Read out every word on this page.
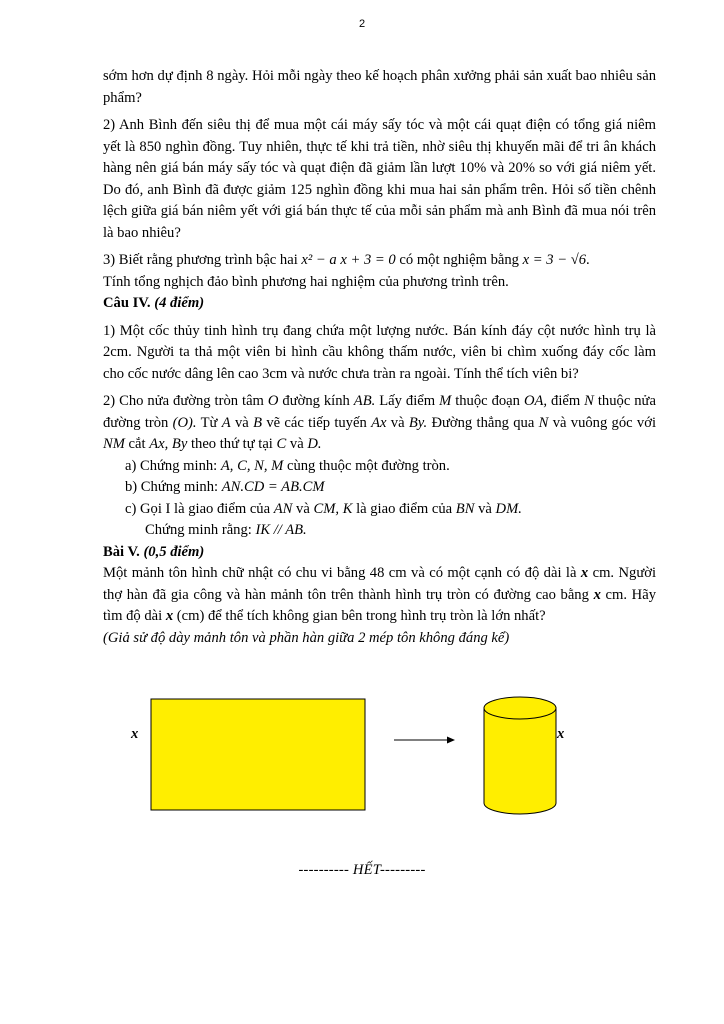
2

sớm hơn dự định 8 ngày. Hỏi mỗi ngày theo kế hoạch phân xưởng phải sản xuất bao nhiêu sản phẩm?

2) Anh Bình đến siêu thị để mua một cái máy sấy tóc và một cái quạt điện có tổng giá niêm yết là 850 nghìn đồng. Tuy nhiên, thực tế khi trả tiền, nhờ siêu thị khuyến mãi để tri ân khách hàng nên giá bán máy sấy tóc và quạt điện đã giảm lần lượt 10% và 20% so với giá niêm yết. Do đó, anh Bình đã được giảm 125 nghìn đồng khi mua hai sản phẩm trên. Hỏi số tiền chênh lệch giữa giá bán niêm yết với giá bán thực tế của mỗi sản phẩm mà anh Bình đã mua nói trên là bao nhiêu?

3) Biết rằng phương trình bậc hai x² − a x + 3 = 0 có một nghiệm bằng x = 3 − √6.

Tính tổng nghịch đảo bình phương hai nghiệm của phương trình trên.

Câu IV. (4 điểm)

1) Một cốc thủy tinh hình trụ đang chứa một lượng nước. Bán kính đáy cột nước hình trụ là 2cm. Người ta thả một viên bi hình cầu không thấm nước, viên bi chìm xuống đáy cốc làm cho cốc nước dâng lên cao 3cm và nước chưa tràn ra ngoài. Tính thể tích viên bi?

2) Cho nửa đường tròn tâm O đường kính AB. Lấy điểm M thuộc đoạn OA, điểm N thuộc nửa đường tròn (O). Từ A và B vẽ các tiếp tuyến Ax và By. Đường thẳng qua N và vuông góc với NM cắt Ax, By theo thứ tự tại C và D.

a) Chứng minh: A, C, N, M cùng thuộc một đường tròn.

b) Chứng minh: AN.CD = AB.CM

c) Gọi I là giao điểm của AN và CM, K là giao điểm của BN và DM.

Chứng minh rằng: IK // AB.

Bài V. (0,5 điểm)

Một mảnh tôn hình chữ nhật có chu vi bằng 48 cm và có một cạnh có độ dài là x cm. Người thợ hàn đã gia công và hàn mảnh tôn trên thành hình trụ tròn có đường cao bằng x cm. Hãy tìm độ dài x (cm) để thể tích không gian bên trong hình trụ tròn là lớn nhất?

(Giả sử độ dày mảnh tôn và phần hàn giữa 2 mép tôn không đáng kể)

x	x
---------- HẾT---------
